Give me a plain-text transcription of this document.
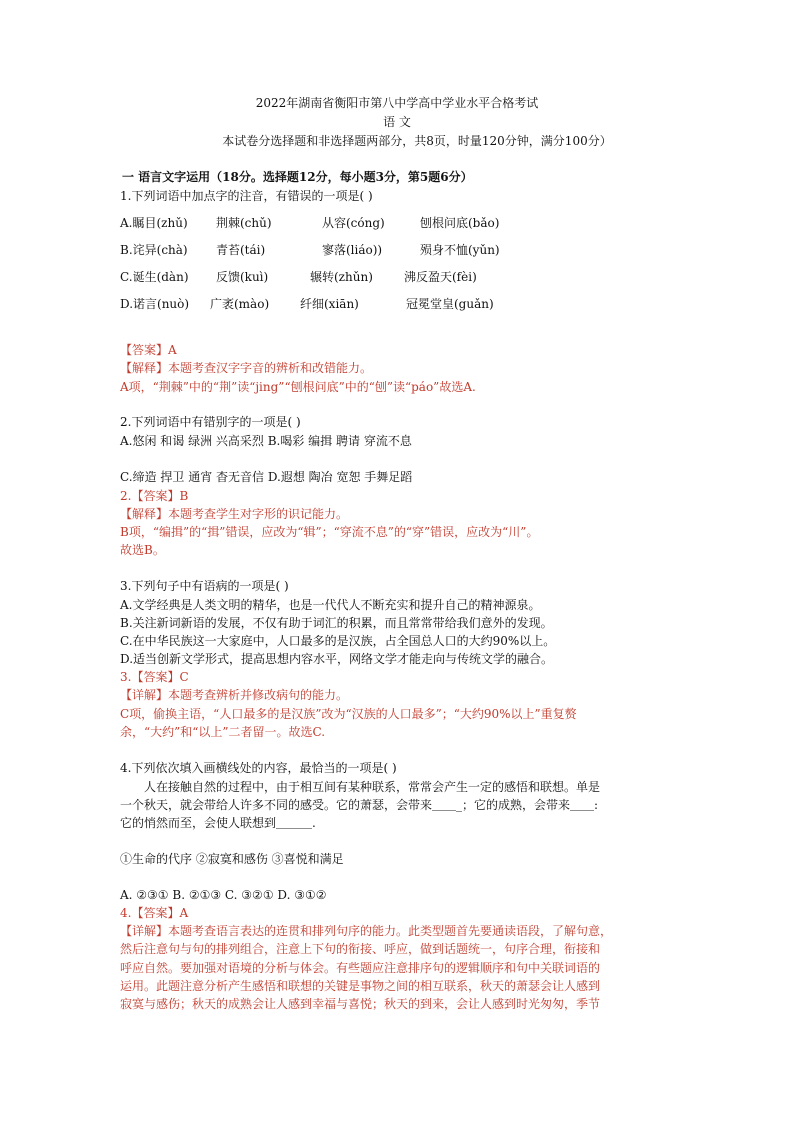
2022年湖南省衡阳市第八中学高中学业水平合格考试
语 文
本试卷分选择题和非选择题两部分，共8页，时量120分钟，满分100分）
一 语言文字运用（18分。选择题12分，每小题3分，第5题6分）
1.下列词语中加点字的注音，有错误的一项是( )
A.瞩目(zhǔ) 荆棘(chǔ)	从容(cóng)	刨根问底(bǎo)
B.诧异(chà) 青苔(tái)	寥落(liáo))	殒身不恤(yǔn)
C.诞生(dàn) 反馈(kuì)	辗转(zhǔn)	沸反盈天(fèi)
D.诺言(nuò) 广袤(mào)	纤细(xiān)	冠冕堂皇(guǎn)
【答案】A
【解释】本题考查汉字字音的辨析和改错能力。
A项，“荆棘”中的“荆”读“jing”“刨根问底”中的“刨”读“páo”故选A.
2.下列词语中有错别字的一项是( )
A.悠闲 和谒 绿洲 兴高采烈 B.喝彩 编揖 聘请 穿流不息
C.缔造 捍卫 通宵 杳无音信 D.遐想 陶冶 宽恕 手舞足蹈
2.【答案】B
【解释】本题考查学生对字形的识记能力。
B项，“编揖”的“揖”错误，应改为“辑”；“穿流不息”的“穿”错误，应改为“川”。
故选B。
3.下列句子中有语病的一项是( )
A.文学经典是人类文明的精华，也是一代代人不断充实和提升自己的精神源泉。
B.关注新词新语的发展，不仅有助于词汇的积累，而且常常带给我们意外的发现。
C.在中华民族这一大家庭中，人口最多的是汉族，占全国总人口的大约90%以上。
D.适当创新文学形式，提高思想内容水平，网络文学才能走向与传统文学的融合。
3.【答案】C
【详解】本题考查辨析并修改病句的能力。
C项，偷换主语，“人口最多的是汉族”改为“汉族的人口最多”；“大约90%以上”重复赘
余，“大约”和“以上”二者留一。故选C.
4.下列依次填入画横线处的内容，最恰当的一项是( )
人在接触自然的过程中，由于相互间有某种联系，常常会产生一定的感悟和联想。单是
一个秋天，就会带给人许多不同的感受。它的萧瑟，会带来＿＿_；它的成熟，会带来＿＿:
它的悄然而至，会使人联想到＿＿＿.
①生命的代序 ②寂寞和感伤 ③喜悦和满足
A. ②③① B. ②①③ C. ③②① D. ③①②
4.【答案】A
【详解】本题考查语言表达的连贯和排列句序的能力。此类型题首先要通读语段，了解句意，
然后注意句与句的排列组合，注意上下句的衔接、呼应，做到话题统一，句序合理，衔接和
呼应自然。要加强对语境的分析与体会。有些题应注意排序句的逻辑顺序和句中关联词语的
运用。此题注意分析产生感悟和联想的关键是事物之间的相互联系，秋天的萧瑟会让人感到
寂寞与感伤；秋天的成熟会让人感到幸福与喜悦；秋天的到来，会让人感到时光匆匆，季节
